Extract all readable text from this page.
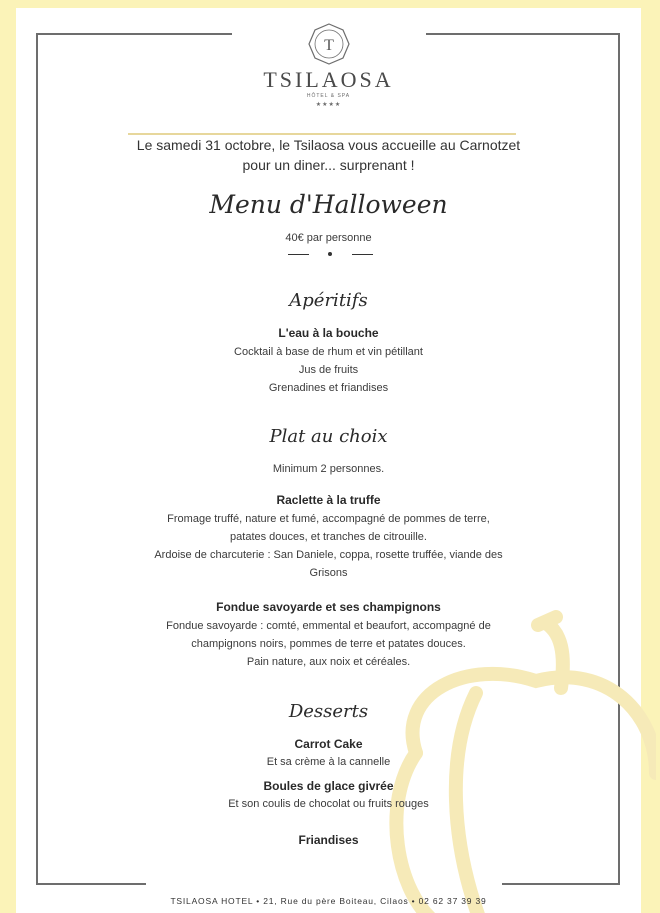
T
TSILAOSA
HÔTEL & SPA
★★★★
Le samedi 31 octobre, le Tsilaosa vous accueille au Carnotzet
pour un diner... surprenant !
Menu d'Halloween
40€ par personne
Apéritifs
L'eau à la bouche
Cocktail à base de rhum et vin pétillant
Jus de fruits
Grenadines et friandises
Plat au choix
Minimum 2 personnes.
Raclette à la truffe
Fromage truffé, nature et fumé, accompagné de pommes de terre,
patates douces, et tranches de citrouille.
Ardoise de charcuterie : San Daniele, coppa, rosette truffée, viande des
Grisons
Fondue savoyarde et ses champignons
Fondue savoyarde : comté, emmental et beaufort, accompagné de
champignons noirs, pommes de terre et patates douces.
Pain nature, aux noix et céréales.
Desserts
Carrot Cake
Et sa crème à la cannelle
Boules de glace givrée
Et son coulis de chocolat ou fruits rouges
Friandises
TSILAOSA HOTEL • 21, Rue du père Boiteau, Cilaos • 02 62 37 39 39
